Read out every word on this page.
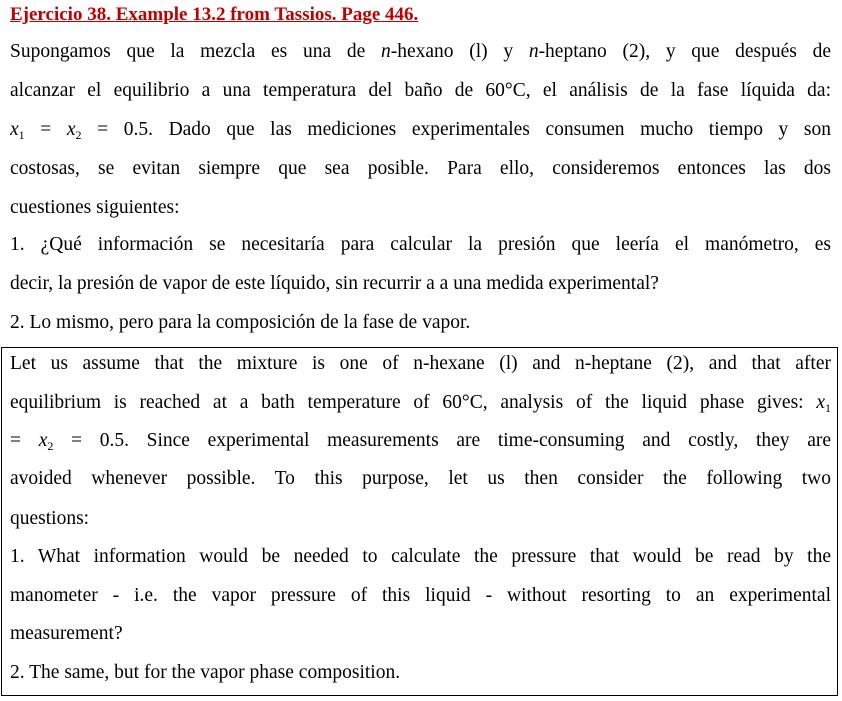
Ejercicio 38. Example 13.2 from Tassios. Page 446.
Supongamos que la mezcla es una de n-hexano (l) y n-heptano (2), y que después de
alcanzar el equilibrio a una temperatura del baño de 60°C, el análisis de la fase líquida da:
$x_1 = x_2 = 0.5$. Dado que las mediciones experimentales consumen mucho tiempo y son
costosas, se evitan siempre que sea posible. Para ello, consideremos entonces las dos
cuestiones siguientes:
1. ¿Qué información se necesitaría para calcular la presión que leería el manómetro, es
decir, la presión de vapor de este líquido, sin recurrir a a una medida experimental?
2. Lo mismo, pero para la composición de la fase de vapor.
Let us assume that the mixture is one of n-hexane (l) and n-heptane (2), and that after
equilibrium is reached at a bath temperature of 60°C, analysis of the liquid phase gives: $x_1$
= $x_2 = 0.5$. Since experimental measurements are time-consuming and costly, they are
avoided whenever possible. To this purpose, let us then consider the following two
questions:
1. What information would be needed to calculate the pressure that would be read by the
manometer - i.e. the vapor pressure of this liquid - without resorting to an experimental
measurement?
2. The same, but for the vapor phase composition.
